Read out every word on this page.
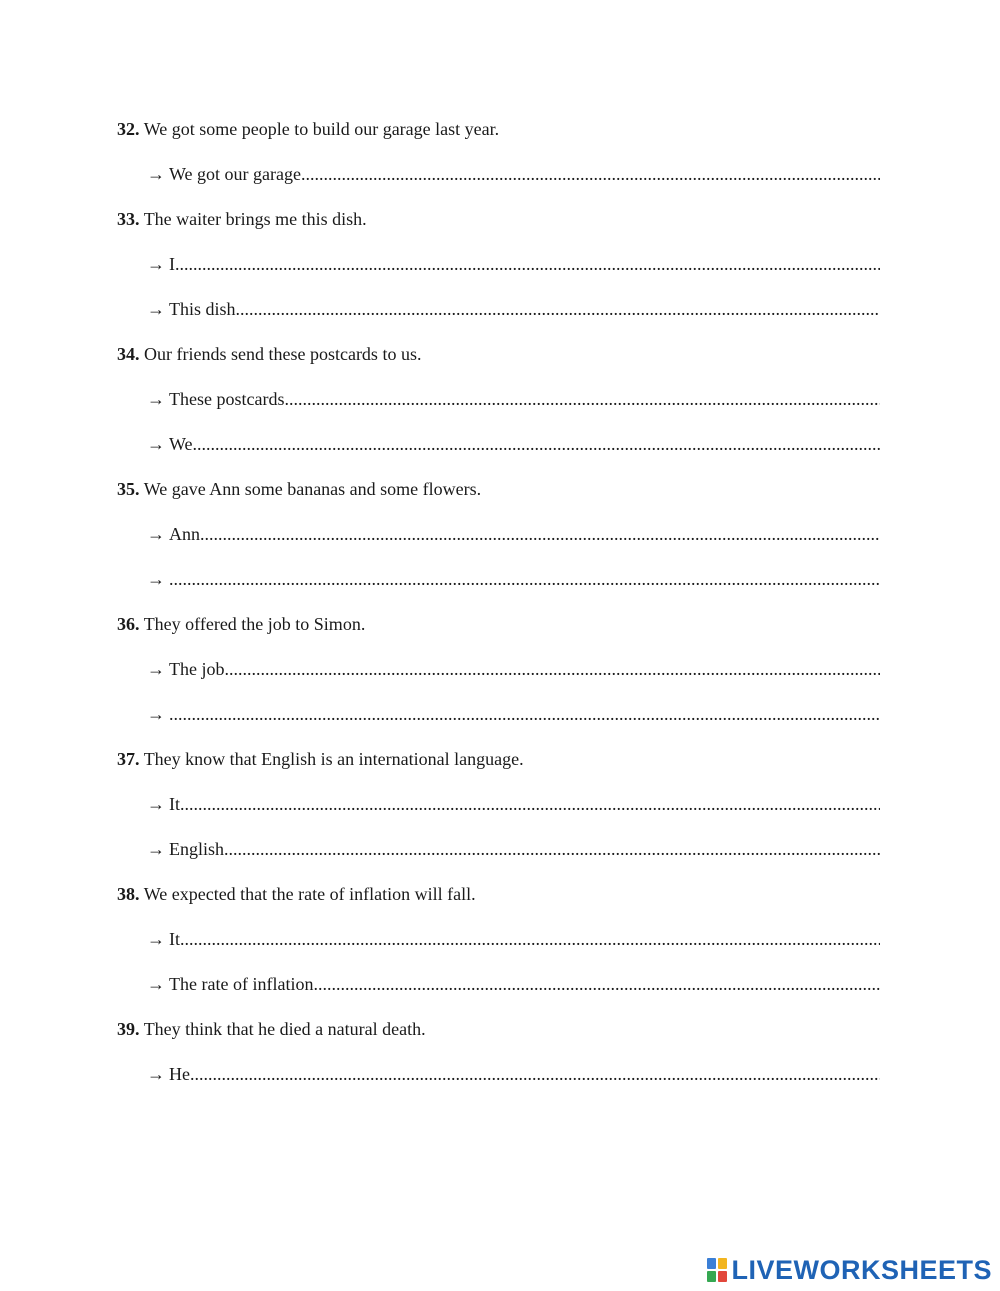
32. We got some people to build our garage last year.
→ We got our garage
.....
33. The waiter brings me this dish.
→ I
.....
→ This dish
.....
34. Our friends send these postcards to us.
→ These postcards
.....
→ We
.....
35. We gave Ann some bananas and some flowers.
→ Ann
.....
→
.....
36. They offered the job to Simon.
→ The job
.....
→
.....
37. They know that English is an international language.
→ It
.....
→ English
.....
38. We expected that the rate of inflation will fall.
→ It
.....
→ The rate of inflation
.....
39. They think that he died a natural death.
→ He
.....
LIVEWORKSHEETS
